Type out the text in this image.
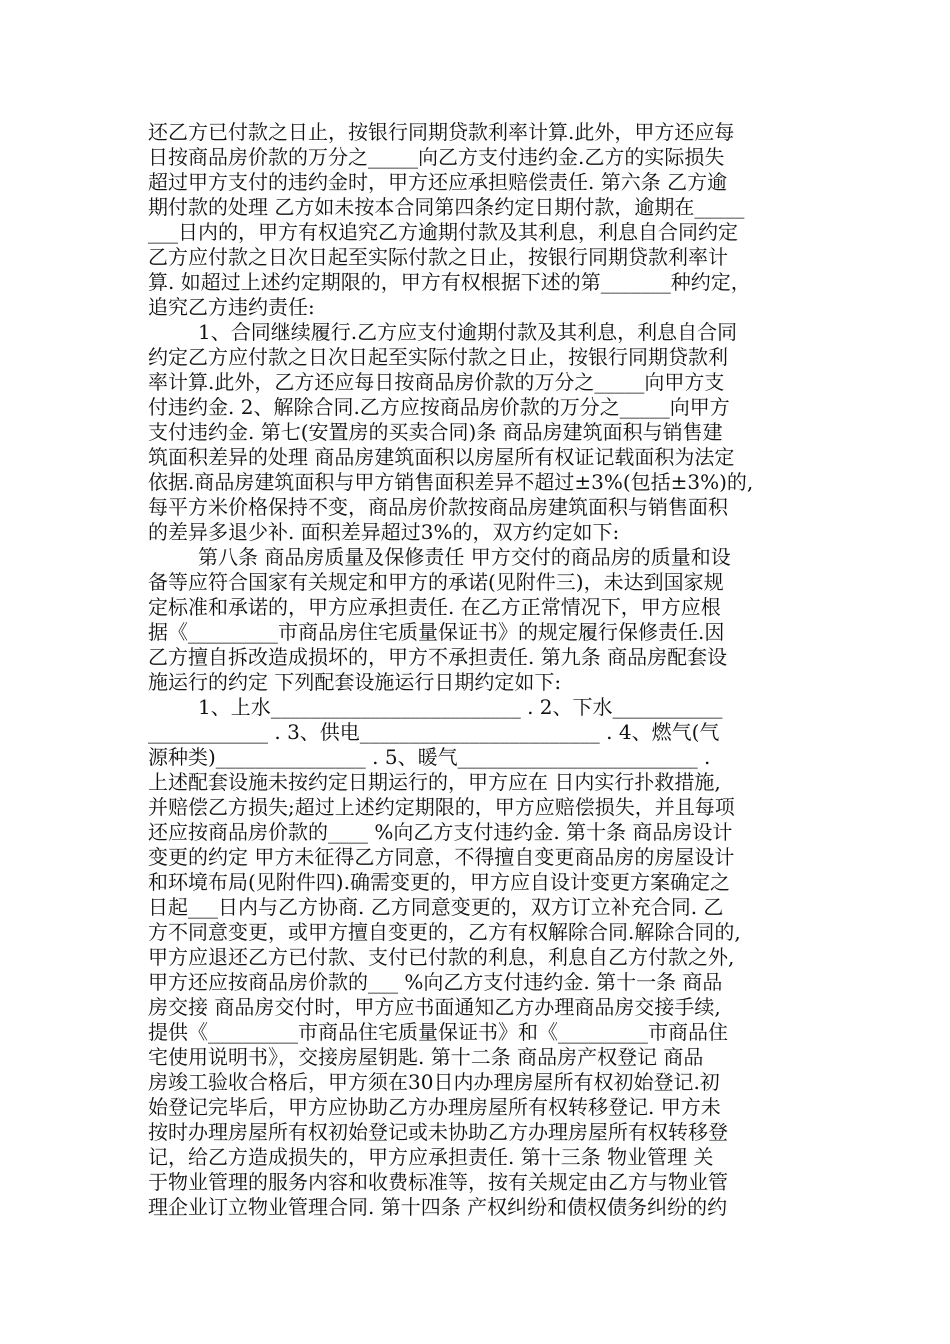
还乙方已付款之日止，按银行同期贷款利率计算.此外，甲方还应每
日按商品房价款的万分之_____向乙方支付违约金.乙方的实际损失
超过甲方支付的违约金时，甲方还应承担赔偿责任. 第六条 乙方逾
期付款的处理 乙方如未按本合同第四条约定日期付款，逾期在_____
___日内的，甲方有权追究乙方逾期付款及其利息，利息自合同约定
乙方应付款之日次日起至实际付款之日止，按银行同期贷款利率计
算. 如超过上述约定期限的，甲方有权根据下述的第_______种约定，
追究乙方违约责任:
1、合同继续履行.乙方应支付逾期付款及其利息，利息自合同
约定乙方应付款之日次日起至实际付款之日止，按银行同期贷款利
率计算.此外，乙方还应每日按商品房价款的万分之_____向甲方支
付违约金. 2、解除合同.乙方应按商品房价款的万分之_____向甲方
支付违约金. 第七(安置房的买卖合同)条 商品房建筑面积与销售建
筑面积差异的处理 商品房建筑面积以房屋所有权证记载面积为法定
依据.商品房建筑面积与甲方销售面积差异不超过±3%(包括±3%)的,
每平方米价格保持不变，商品房价款按商品房建筑面积与销售面积
的差异多退少补. 面积差异超过3%的，双方约定如下:
第八条 商品房质量及保修责任 甲方交付的商品房的质量和设
备等应符合国家有关规定和甲方的承诺(见附件三)，未达到国家规
定标准和承诺的，甲方应承担责任. 在乙方正常情况下，甲方应根
据《_________市商品房住宅质量保证书》的规定履行保修责任.因
乙方擅自拆改造成损坏的，甲方不承担责任. 第九条 商品房配套设
施运行的约定 下列配套设施运行日期约定如下:
1、上水_________________________ . 2、下水___________
____________ . 3、供电________________________ . 4、燃气(气
源种类)_______________ . 5、暖气________________________ .
上述配套设施未按约定日期运行的，甲方应在 日内实行扑救措施,
并赔偿乙方损失;超过上述约定期限的，甲方应赔偿损失，并且每项
还应按商品房价款的____ %向乙方支付违约金. 第十条 商品房设计
变更的约定 甲方未征得乙方同意，不得擅自变更商品房的房屋设计
和环境布局(见附件四).确需变更的，甲方应自设计变更方案确定之
日起___日内与乙方协商. 乙方同意变更的，双方订立补充合同. 乙
方不同意变更，或甲方擅自变更的，乙方有权解除合同.解除合同的,
甲方应退还乙方已付款、支付已付款的利息，利息自乙方付款之外,
甲方还应按商品房价款的___ %向乙方支付违约金. 第十一条 商品
房交接 商品房交付时，甲方应书面通知乙方办理商品房交接手续,
提供《_________市商品住宅质量保证书》和《_________市商品住
宅使用说明书》，交接房屋钥匙. 第十二条 商品房产权登记 商品
房竣工验收合格后，甲方须在30日内办理房屋所有权初始登记.初
始登记完毕后，甲方应协助乙方办理房屋所有权转移登记. 甲方未
按时办理房屋所有权初始登记或未协助乙方办理房屋所有权转移登
记，给乙方造成损失的，甲方应承担责任. 第十三条 物业管理 关
于物业管理的服务内容和收费标准等，按有关规定由乙方与物业管
理企业订立物业管理合同. 第十四条 产权纠纷和债权债务纠纷的约
